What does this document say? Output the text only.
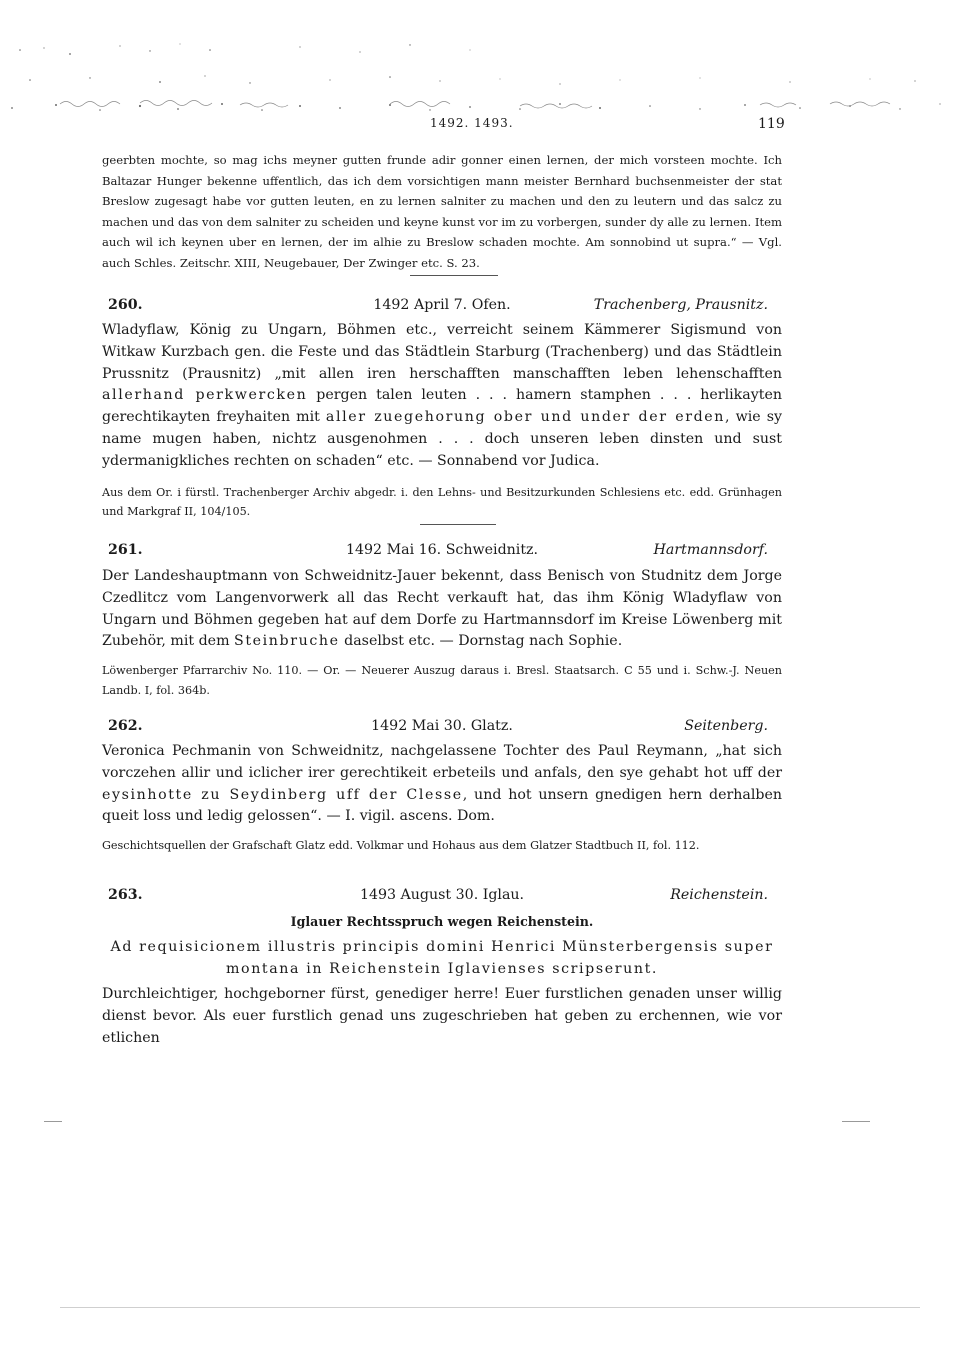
1492. 1493.	119

geerbten mochte, so mag ichs meyner gutten frunde adir gonner einen lernen, der mich vorsteen mochte. Ich Baltazar Hunger bekenne uffentlich, das ich dem vorsichtigen mann meister Bernhard buchsenmeister der stat Breslow zugesagt habe vor gutten leuten, en zu lernen salniter zu machen und den zu leutern und das salcz zu machen und das von dem salniter zu scheiden und keyne kunst vor im zu vorbergen, sunder dy alle zu lernen. Item auch wil ich keynen uber en lernen, der im alhie zu Breslow schaden mochte. Am sonnobind ut supra.“ — Vgl. auch Schles. Zeitschr. XIII, Neugebauer, Der Zwinger etc. S. 23.

260.	1492 April 7. Ofen.	Trachenberg, Prausnitz.

Wladyflaw, König zu Ungarn, Böhmen etc., verreicht seinem Kämmerer Sigismund von Witkaw Kurzbach gen. die Feste und das Städtlein Starburg (Trachenberg) und das Städtlein Prussnitz (Prausnitz) „mit allen iren herschafften manschafften leben lehenschafften allerhand perkwercken pergen talen leuten . . . hamern stamphen . . . herlikayten gerechtikayten freyhaiten mit aller zuegehorung ober und under der erden, wie sy name mugen haben, nichtz ausgenohmen . . . doch unseren leben dinsten und sust ydermanigkliches rechten on schaden“ etc. — Sonnabend vor Judica.

Aus dem Or. i fürstl. Trachenberger Archiv abgedr. i. den Lehns- und Besitzurkunden Schlesiens etc. edd. Grünhagen und Markgraf II, 104/105.

261.	1492 Mai 16. Schweidnitz.	Hartmannsdorf.

Der Landeshauptmann von Schweidnitz-Jauer bekennt, dass Benisch von Studnitz dem Jorge Czedlitcz vom Langenvorwerk all das Recht verkauft hat, das ihm König Wladyflaw von Ungarn und Böhmen gegeben hat auf dem Dorfe zu Hartmannsdorf im Kreise Löwenberg mit Zubehör, mit dem Steinbruche daselbst etc. — Dornstag nach Sophie.

Löwenberger Pfarrarchiv No. 110. — Or. — Neuerer Auszug daraus i. Bresl. Staatsarch. C 55 und i. Schw.-J. Neuen Landb. I, fol. 364b.

262.	1492 Mai 30. Glatz.	Seitenberg.

Veronica Pechmanin von Schweidnitz, nachgelassene Tochter des Paul Reymann, „hat sich vorczehen allir und iclicher irer gerechtikeit erbeteils und anfals, den sye gehabt hot uff der eysinhotte zu Seydinberg uff der Clesse, und hot unsern gnedigen hern derhalben queit loss und ledig gelossen“. — I. vigil. ascens. Dom.

Geschichtsquellen der Grafschaft Glatz edd. Volkmar und Hohaus aus dem Glatzer Stadtbuch II, fol. 112.

263.	1493 August 30. Iglau.	Reichenstein.
Iglauer Rechtsspruch wegen Reichenstein.
Ad requisicionem illustris principis domini Henrici Münsterbergensis super
montana in Reichenstein Iglavienses scripserunt.

Durchleichtiger, hochgeborner fürst, genediger herre! Euer furstlichen genaden unser willig dienst bevor. Als euer furstlich genad uns zugeschrieben hat geben zu erchennen, wie vor etlichen
